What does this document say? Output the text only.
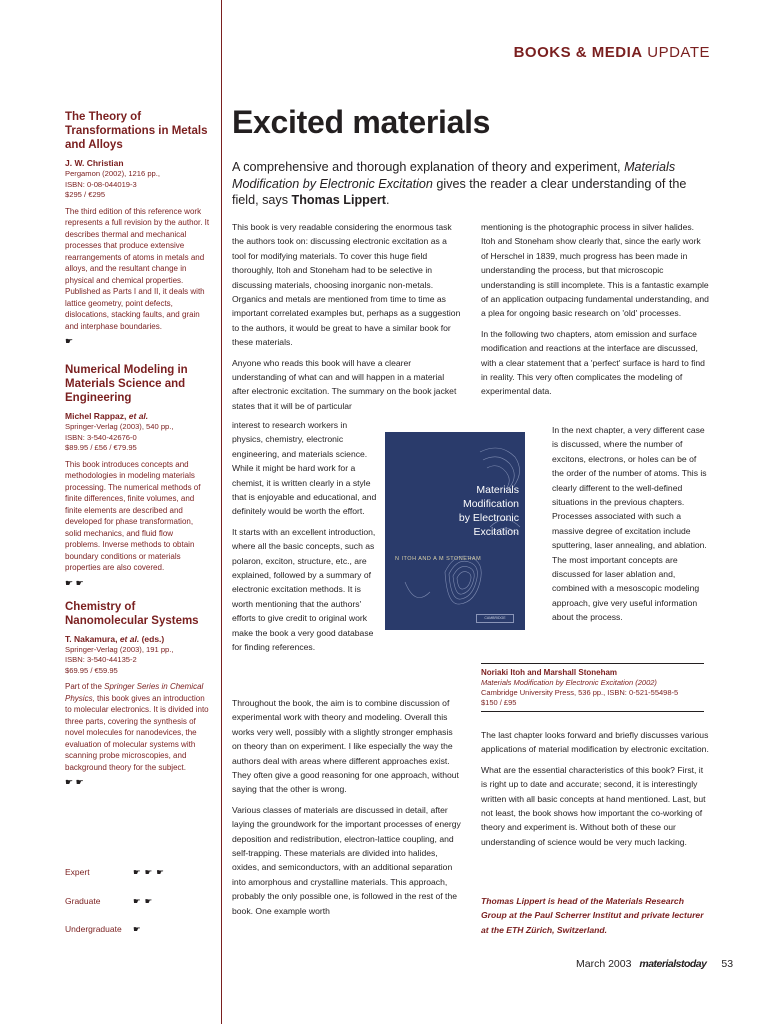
BOOKS & MEDIA UPDATE
The Theory of Transformations in Metals and Alloys
J. W. Christian
Pergamon (2002), 1216 pp.,
ISBN: 0-08-044019-3
$295 / €295
The third edition of this reference work represents a full revision by the author. It describes thermal and mechanical processes that produce extensive rearrangements of atoms in metals and alloys, and the resultant change in physical and chemical properties. Published as Parts I and II, it deals with lattice geometry, point defects, dislocations, stacking faults, and grain and interphase boundaries.
☛
Numerical Modeling in Materials Science and Engineering
Michel Rappaz, et al.
Springer-Verlag (2003), 540 pp.,
ISBN: 3-540-42676-0
$89.95 / £56 / €79.95
This book introduces concepts and methodologies in modeling materials processing. The numerical methods of finite differences, finite volumes, and finite elements are described and developed for phase transformation, solid mechanics, and fluid flow problems. Inverse methods to obtain boundary conditions or materials properties are also covered.
☛ ☛
Chemistry of Nanomolecular Systems
T. Nakamura, et al. (eds.)
Springer-Verlag (2003), 191 pp.,
ISBN: 3-540-44135-2
$69.95 / €59.95
Part of the Springer Series in Chemical Physics, this book gives an introduction to molecular electronics. It is divided into three parts, covering the synthesis of novel molecules for nanodevices, the evaluation of molecular systems with scanning probe microscopies, and background theory for the subject.
☛ ☛
Expert	☛☛☛
Graduate	☛☛
Undergraduate ☛
Excited materials
A comprehensive and thorough explanation of theory and experiment, Materials Modification by Electronic Excitation gives the reader a clear understanding of the field, says Thomas Lippert.

This book is very readable considering the enormous task the authors took on: discussing electronic excitation as a tool for modifying materials. To cover this huge field thoroughly, Itoh and Stoneham had to be selective in discussing materials, choosing inorganic non-metals. Organics and metals are mentioned from time to time as important correlated examples but, perhaps as a suggestion to the authors, it would be great to have a similar book for these materials.

Anyone who reads this book will have a clearer understanding of what can and will happen in a material after electronic excitation. The summary on the book jacket states that it will be of particular

interest to research workers in physics, chemistry, electronic engineering, and materials science. While it might be hard work for a chemist, it is written clearly in a style that is enjoyable and educational, and definitely would be worth the effort.

It starts with an excellent introduction, where all the basic concepts, such as polaron, exciton, structure, etc., are explained, followed by a summary of electronic excitation methods. It is worth mentioning that the authors' efforts to give credit to original work make the book a very good database for finding references.

Throughout the book, the aim is to combine discussion of experimental work with theory and modeling. Overall this works very well, possibly with a slightly stronger emphasis on theory than on experiment. I like especially the way the authors deal with areas where different approaches exist. They often give a good reasoning for one approach, without saying that the other is wrong.

Various classes of materials are discussed in detail, after laying the groundwork for the important processes of energy deposition and redistribution, electron-lattice coupling, and self-trapping. These materials are divided into halides, oxides, and semiconductors, with an additional separation into amorphous and crystalline materials. This approach, probably the only possible one, is followed in the rest of the book. One example worth

mentioning is the photographic process in silver halides. Itoh and Stoneham show clearly that, since the early work of Herschel in 1839, much progress has been made in understanding the process, but that microscopic understanding is still incomplete. This is a fantastic example of an application outpacing fundamental understanding, and a plea for ongoing basic research on 'old' processes.

In the following two chapters, atom emission and surface modification and reactions at the interface are discussed, with a clear statement that a 'perfect' surface is hard to find in reality. This very often complicates the modeling of experimental data.

In the next chapter, a very different case is discussed, where the number of excitons, electrons, or holes can be of the order of the number of atoms. This is clearly different to the well-defined situations in the previous chapters. Processes associated with such a massive degree of excitation include sputtering, laser annealing, and ablation. The most important concepts are discussed for laser ablation and, combined with a mesoscopic modeling approach, give very useful information about the process.

Materials
Modification
by Electronic
Excitation
N ITOH AND A M STONEHAM
CAMBRIDGE
Noriaki Itoh and Marshall Stoneham
Materials Modification by Electronic Excitation (2002)
Cambridge University Press, 536 pp., ISBN: 0-521-55498-5
$150 / £95

The last chapter looks forward and briefly discusses various applications of material modification by electronic excitation.

What are the essential characteristics of this book? First, it is right up to date and accurate; second, it is interestingly written with all basic concepts at hand mentioned. Last, but not least, the book shows how important the co-working of theory and experiment is. Without both of these our understanding of science would be very much lacking.

Thomas Lippert is head of the Materials Research Group at the Paul Scherrer Institut and private lecturer at the ETH Zürich, Switzerland.
March 2003 materialstoday 53
